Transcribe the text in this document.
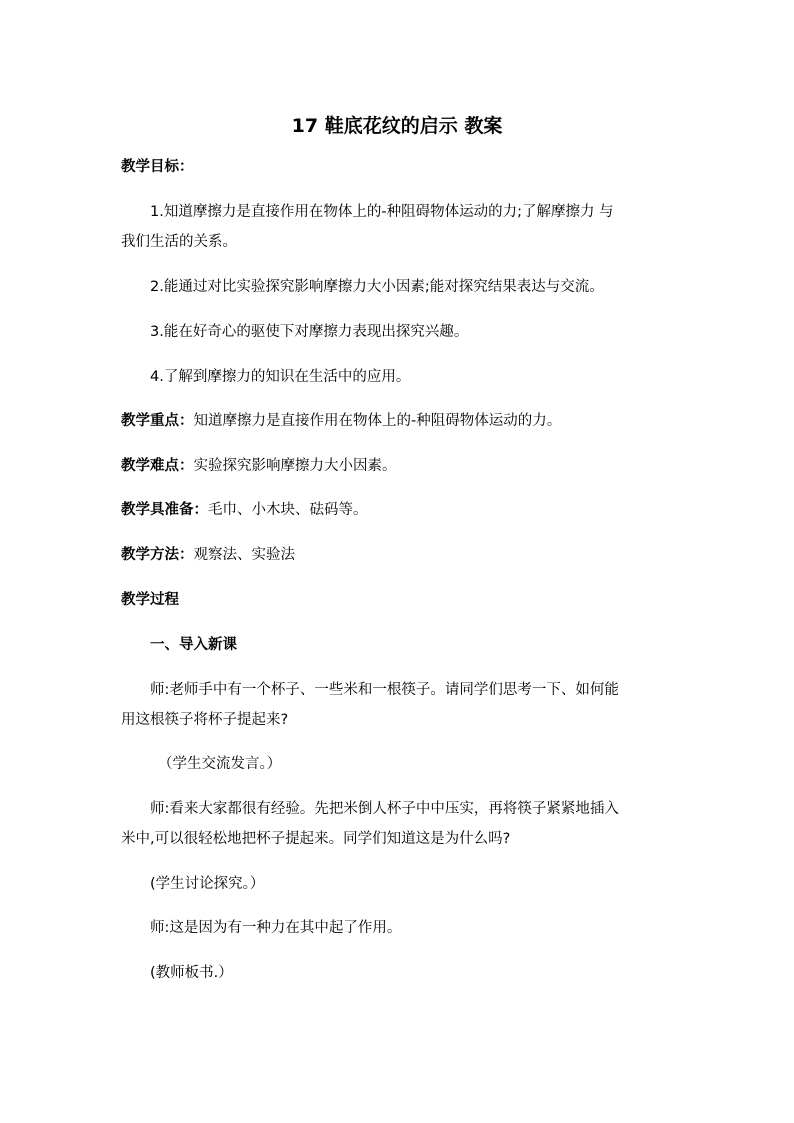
17 鞋底花纹的启示 教案
教学目标：
1.知道摩擦力是直接作用在物体上的-种阻碍物体运动的力;了解摩擦力 与
我们生活的关系。
2.能通过对比实验探究影响摩擦力大小因素;能对探究结果表达与交流。
3.能在好奇心的驱使下对摩擦力表现出探究兴趣。
4.了解到摩擦力的知识在生活中的应用。
教学重点：知道摩擦力是直接作用在物体上的-种阻碍物体运动的力。
教学难点：实验探究影响摩擦力大小因素。
教学具准备：毛巾、小木块、砝码等。
教学方法：观察法、实验法
教学过程
一、导入新课
师:老师手中有一个杯子、一些米和一根筷子。请同学们思考一下、如何能
用这根筷子将杯子提起来?
（学生交流发言。）
师:看来大家都很有经验。先把米倒人杯子中中压实，再将筷子紧紧地插入
米中,可以很轻松地把杯子提起来。同学们知道这是为什么吗?
(学生讨论探究。）
师:这是因为有一种力在其中起了作用。
(教师板书.）
